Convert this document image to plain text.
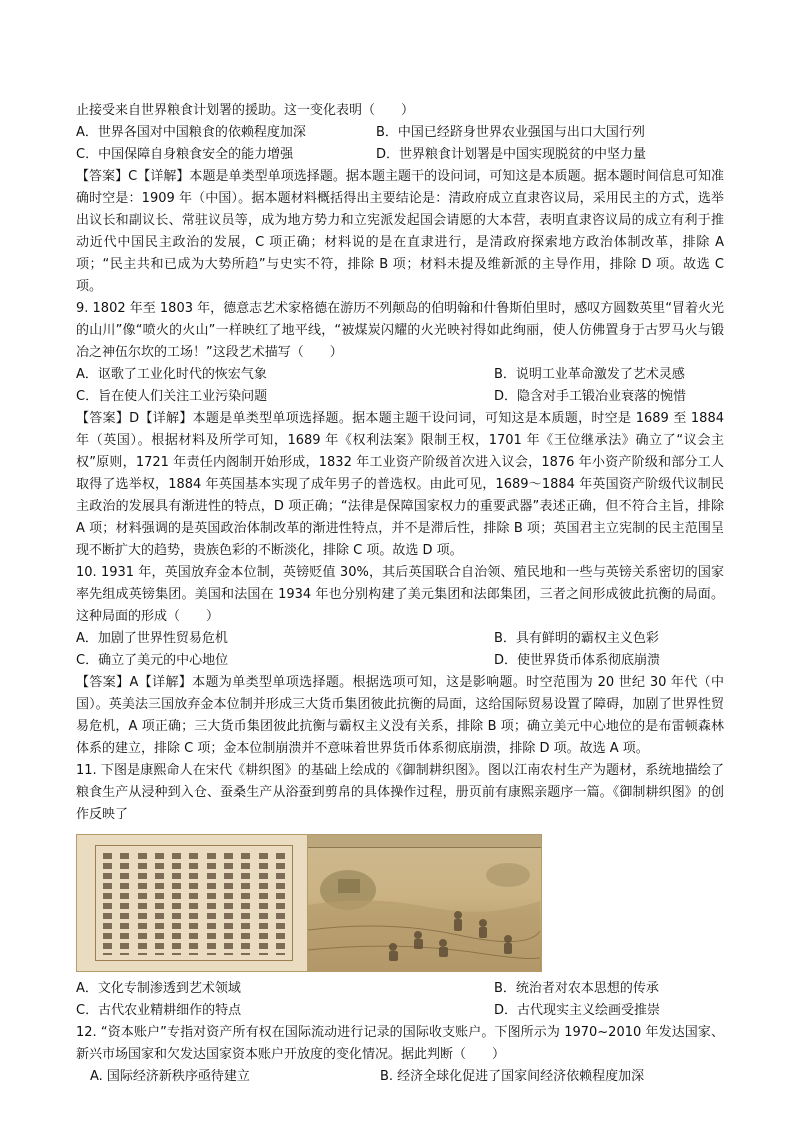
止接受来自世界粮食计划署的援助。这一变化表明（　　）
A．世界各国对中国粮食的依赖程度加深	B．中国已经跻身世界农业强国与出口大国行列
C．中国保障自身粮食安全的能力增强	D．世界粮食计划署是中国实现脱贫的中坚力量
【答案】C【详解】本题是单类型单项选择题。据本题主题干的设问词，可知这是本质题。据本题时间信息可知准确时空是：1909 年（中国）。据本题材料概括得出主要结论是：清政府成立直隶咨议局，采用民主的方式，选举出议长和副议长、常驻议员等，成为地方势力和立宪派发起国会请愿的大本营，表明直隶咨议局的成立有利于推动近代中国民主政治的发展，C 项正确；材料说的是在直隶进行，是清政府探索地方政治体制改革，排除 A 项；“民主共和已成为大势所趋”与史实不符，排除 B 项；材料未提及维新派的主导作用，排除 D 项。故选 C 项。
9. 1802 年至 1803 年，德意志艺术家格德在游历不列颠岛的伯明翰和什鲁斯伯里时，感叹方圆数英里“冒着火光的山川”像“喷火的火山”一样映红了地平线，“被煤炭闪耀的火光映衬得如此绚丽，使人仿佛置身于古罗马火与锻冶之神伍尔坎的工场！”这段艺术描写（　　）
A．讴歌了工业化时代的恢宏气象	B．说明工业革命激发了艺术灵感
C．旨在使人们关注工业污染问题	D．隐含对手工锻冶业衰落的惋惜
【答案】D【详解】本题是单类型单项选择题。据本题主题干设问词，可知这是本质题，时空是 1689 至 1884 年（英国）。根据材料及所学可知，1689 年《权利法案》限制王权，1701 年《王位继承法》确立了“议会主权”原则，1721 年责任内阁制开始形成，1832 年工业资产阶级首次进入议会，1876 年小资产阶级和部分工人取得了选举权，1884 年英国基本实现了成年男子的普选权。由此可见，1689～1884 年英国资产阶级代议制民主政治的发展具有渐进性的特点，D 项正确；“法律是保障国家权力的重要武器”表述正确，但不符合主旨，排除 A 项；材料强调的是英国政治体制改革的渐进性特点，并不是滞后性，排除 B 项；英国君主立宪制的民主范围呈现不断扩大的趋势，贵族色彩的不断淡化，排除 C 项。故选 D 项。
10. 1931 年，英国放弃金本位制，英镑贬值 30%，其后英国联合自治领、殖民地和一些与英镑关系密切的国家率先组成英镑集团。美国和法国在 1934 年也分别构建了美元集团和法郎集团，三者之间形成彼此抗衡的局面。这种局面的形成（　　）
A．加剧了世界性贸易危机	B．具有鲜明的霸权主义色彩
C．确立了美元的中心地位	D．使世界货币体系彻底崩溃
【答案】A【详解】本题为单类型单项选择题。根据选项可知，这是影响题。时空范围为 20 世纪 30 年代（中国）。英美法三国放弃金本位制并形成三大货币集团彼此抗衡的局面，这给国际贸易设置了障碍，加剧了世界性贸易危机，A 项正确；三大货币集团彼此抗衡与霸权主义没有关系，排除 B 项；确立美元中心地位的是布雷顿森林体系的建立，排除 C 项；金本位制崩溃并不意味着世界货币体系彻底崩溃，排除 D 项。故选 A 项。
11. 下图是康熙命人在宋代《耕织图》的基础上绘成的《御制耕织图》。图以江南农村生产为题材，系统地描绘了粮食生产从浸种到入仓、蚕桑生产从浴蚕到剪帛的具体操作过程，册页前有康熙亲题序一篇。《御制耕织图》的创作反映了
A．文化专制渗透到艺术领域	B．统治者对农本思想的传承
C．古代农业精耕细作的特点	D．古代现实主义绘画受推崇
12. “资本账户”专指对资产所有权在国际流动进行记录的国际收支账户。下图所示为 1970~2010 年发达国家、新兴市场国家和欠发达国家资本账户开放度的变化情况。据此判断（　　）
A. 国际经济新秩序亟待建立	B. 经济全球化促进了国家间经济依赖程度加深
